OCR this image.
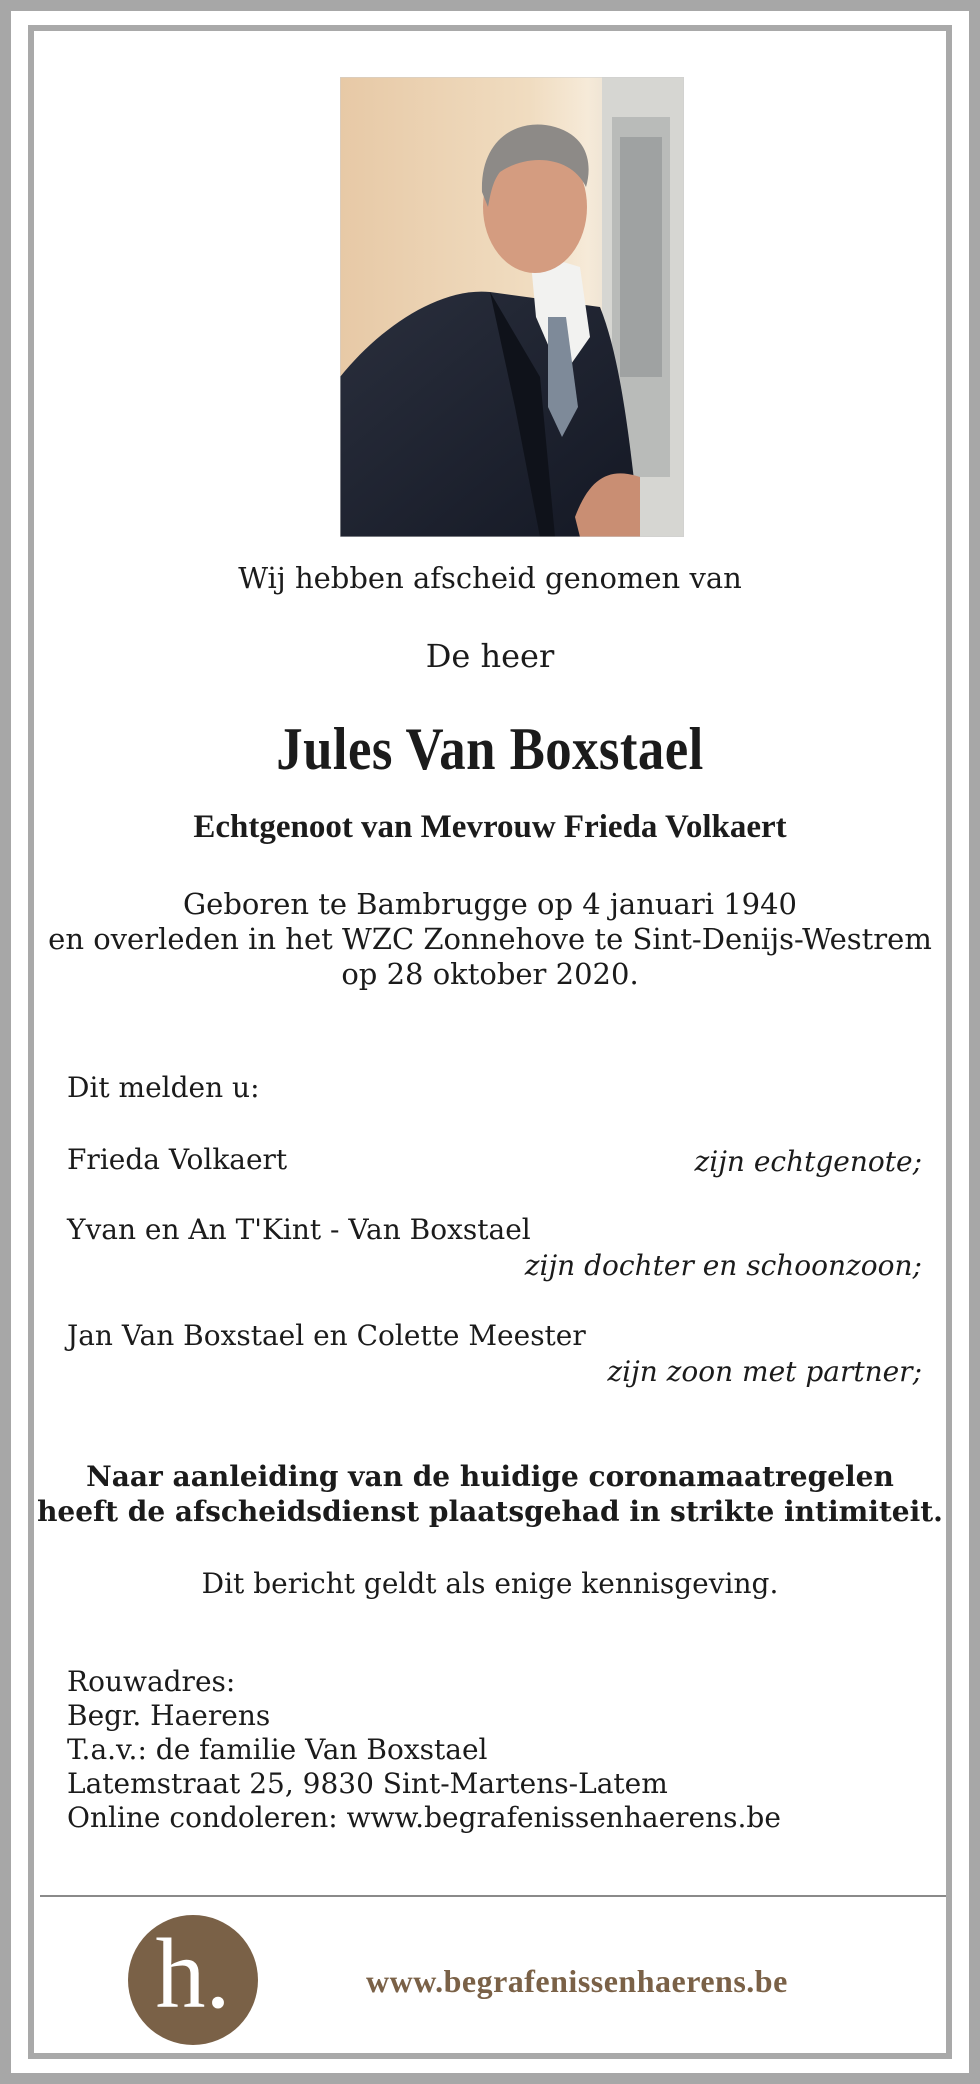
Wij hebben afscheid genomen van
De heer
Jules Van Boxstael
Echtgenoot van Mevrouw Frieda Volkaert
Geboren te Bambrugge op 4 januari 1940
en overleden in het WZC Zonnehove te Sint-Denijs-Westrem
op 28 oktober 2020.
Dit melden u:
Frieda Volkaert	zijn echtgenote;
Yvan en An T'Kint - Van Boxstael
zijn dochter en schoonzoon;
Jan Van Boxstael en Colette Meester
zijn zoon met partner;
Naar aanleiding van de huidige coronamaatregelen
heeft de afscheidsdienst plaatsgehad in strikte intimiteit.
Dit bericht geldt als enige kennisgeving.
Rouwadres:
Begr. Haerens
T.a.v.: de familie Van Boxstael
Latemstraat 25, 9830 Sint-Martens-Latem
Online condoleren: www.begrafenissenhaerens.be
h.	www.begrafenissenhaerens.be
